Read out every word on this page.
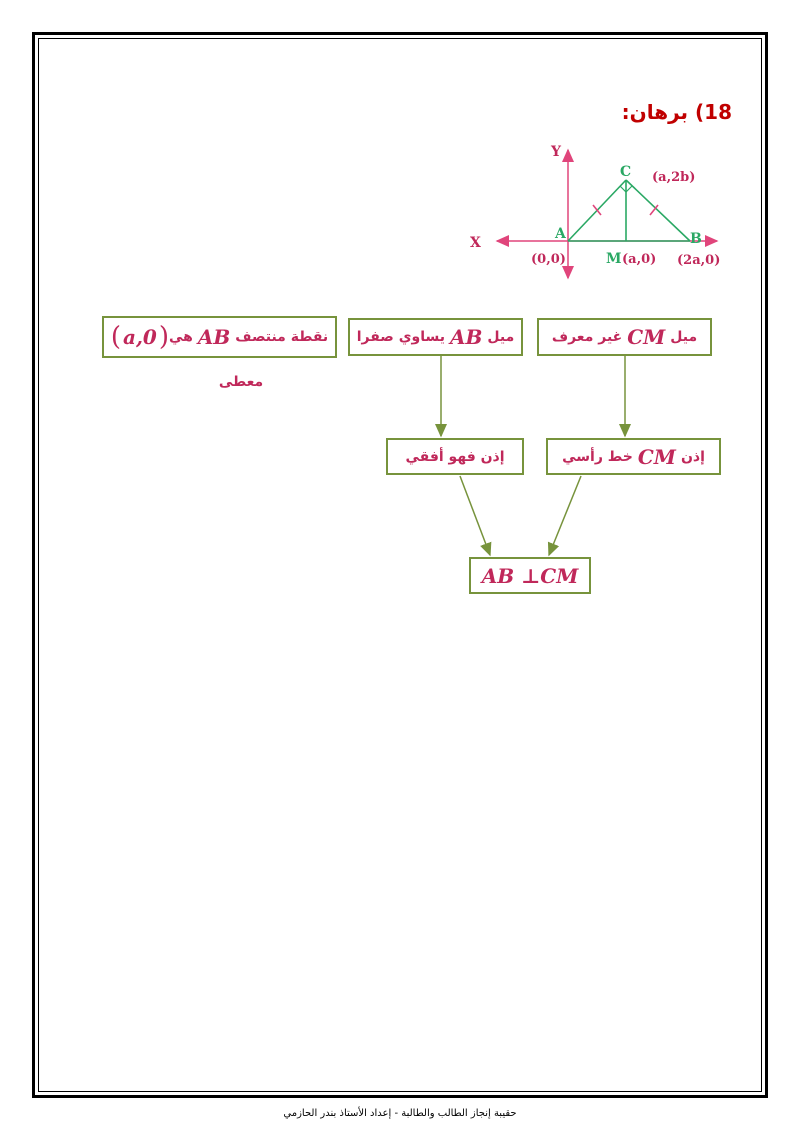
18) برهان:
Y
X
C
A	B
M
(a,2b)
(0,0)	(a,0) (2a,0)
ميل
CM
غير معرف
ميل
AB
يساوي صفرا
نقطة منتصف
AB
هي
(
a,0
)
معطى
إذن
CM
خط رأسي
إذن فهو أفقي
AB ⊥CM
حقيبة إنجاز الطالب والطالبة - إعداد الأستاذ بندر الحازمي
